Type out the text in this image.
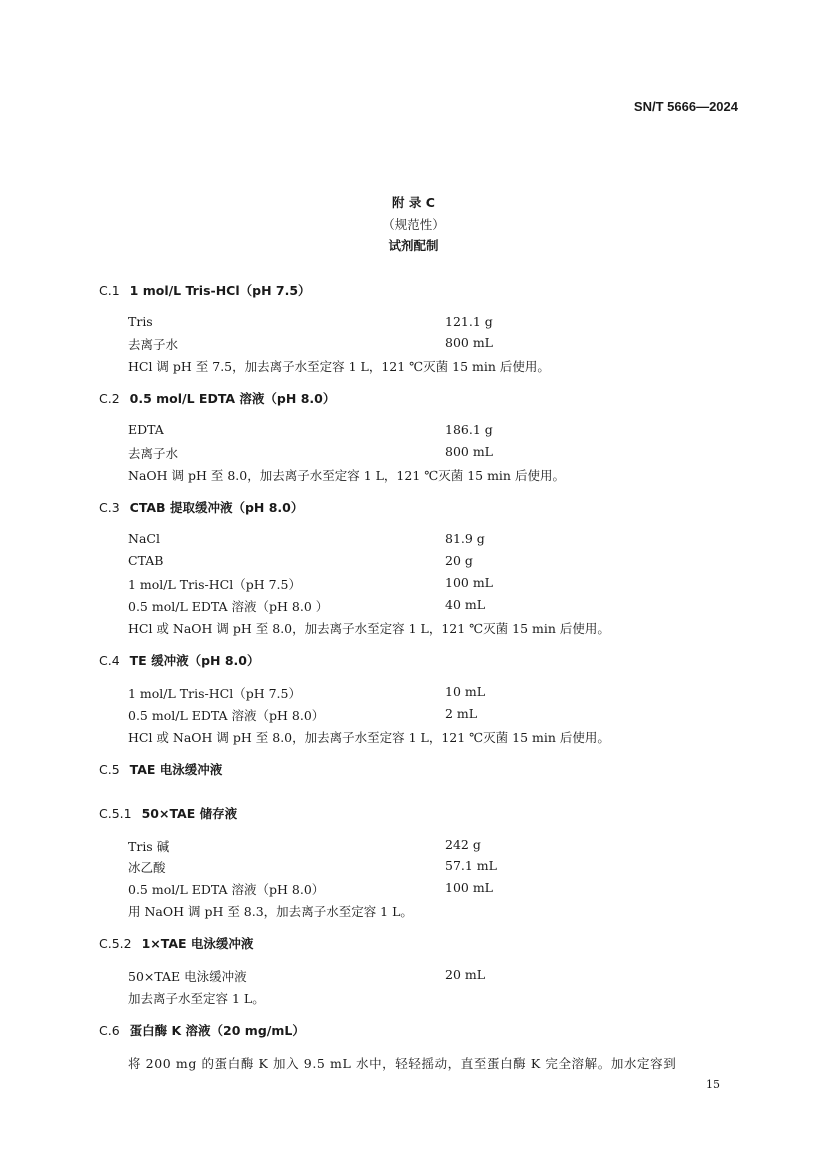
SN/T 5666—2024
附 录 C
（规范性）
试剂配制
C.1 1 mol/L Tris-HCl（pH 7.5）
Tris	121.1 g
去离子水	800 mL
HCl 调 pH 至 7.5，加去离子水至定容 1 L，121 ℃灭菌 15 min 后使用。
C.2 0.5 mol/L EDTA 溶液（pH 8.0）
EDTA	186.1 g
去离子水	800 mL
NaOH 调 pH 至 8.0，加去离子水至定容 1 L，121 ℃灭菌 15 min 后使用。
C.3 CTAB 提取缓冲液（pH 8.0）
NaCl	81.9 g
CTAB	20 g
1 mol/L Tris-HCl（pH 7.5）	100 mL
0.5 mol/L EDTA 溶液（pH 8.0 ）	40 mL
HCl 或 NaOH 调 pH 至 8.0，加去离子水至定容 1 L，121 ℃灭菌 15 min 后使用。
C.4 TE 缓冲液（pH 8.0）
1 mol/L Tris-HCl（pH 7.5）	10 mL
0.5 mol/L EDTA 溶液（pH 8.0）	2 mL
HCl 或 NaOH 调 pH 至 8.0，加去离子水至定容 1 L，121 ℃灭菌 15 min 后使用。
C.5 TAE 电泳缓冲液
C.5.1 50×TAE 储存液
Tris 碱	242 g
冰乙酸	57.1 mL
0.5 mol/L EDTA 溶液（pH 8.0）	100 mL
用 NaOH 调 pH 至 8.3，加去离子水至定容 1 L。
C.5.2 1×TAE 电泳缓冲液
50×TAE 电泳缓冲液	20 mL
加去离子水至定容 1 L。
C.6 蛋白酶 K 溶液（20 mg/mL）
将 200 mg 的蛋白酶 K 加入 9.5 mL 水中，轻轻摇动，直至蛋白酶 K 完全溶解。加水定容到
15
